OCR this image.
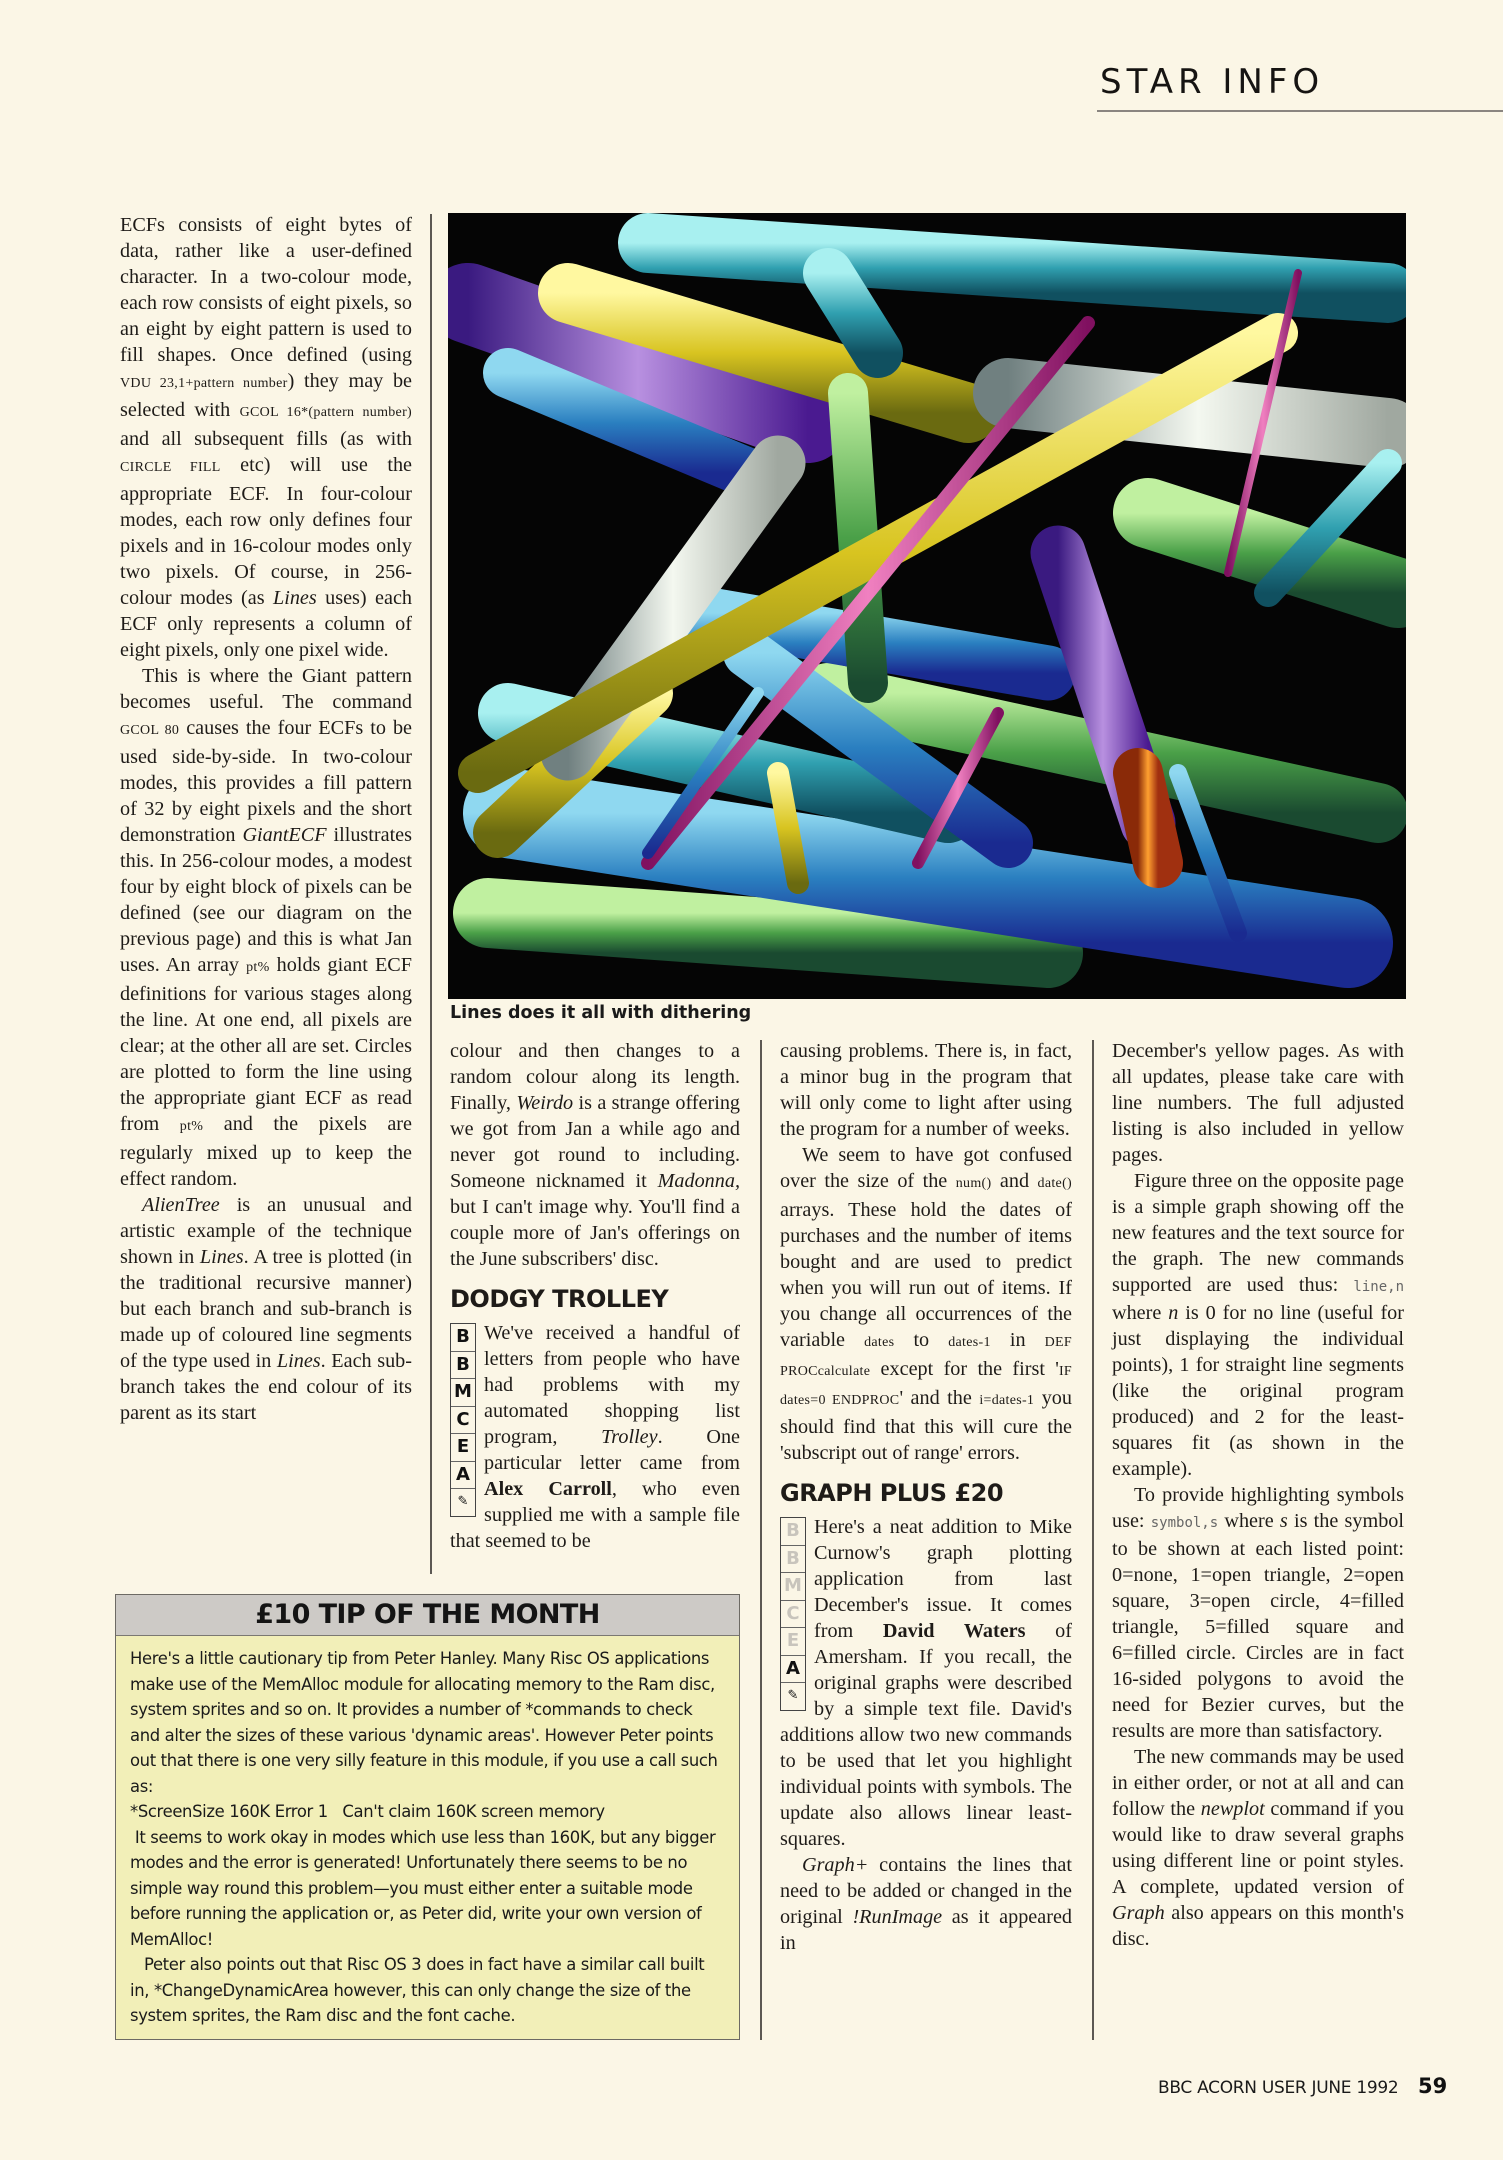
STAR INFO
Lines does it all with dithering

ECFs consists of eight bytes of data, rather like a user-defined character. In a two-colour mode, each row consists of eight pixels, so an eight by eight pattern is used to fill shapes. Once defined (using VDU 23,1+pattern number) they may be selected with GCOL 16*(pattern number) and all subsequent fills (as with CIRCLE FILL etc) will use the appropriate ECF. In four-colour modes, each row only defines four pixels and in 16-colour modes only two pixels. Of course, in 256-colour modes (as Lines uses) each ECF only represents a column of eight pixels, only one pixel wide.

This is where the Giant pattern becomes useful. The command GCOL 80 causes the four ECFs to be used side-by-side. In two-colour modes, this provides a fill pattern of 32 by eight pixels and the short demonstration GiantECF illustrates this. In 256-colour modes, a modest four by eight block of pixels can be defined (see our diagram on the previous page) and this is what Jan uses. An array pt% holds giant ECF definitions for various stages along the line. At one end, all pixels are clear; at the other all are set. Circles are plotted to form the line using the appropriate giant ECF as read from pt% and the pixels are regularly mixed up to keep the effect random.

AlienTree is an unusual and artistic example of the technique shown in Lines. A tree is plotted (in the traditional recursive manner) but each branch and sub-branch is made up of coloured line segments of the type used in Lines. Each sub-branch takes the end colour of its parent as its start

colour and then changes to a random colour along its length. Finally, Weirdo is a strange offering we got from Jan a while ago and never got round to including. Someone nicknamed it Madonna, but I can't image why. You'll find a couple more of Jan's offerings on the June subscribers' disc.

DODGY TROLLEY
B
B
M
C
E
A
✎

We've received a handful of letters from people who have had problems with my automated shopping list program, Trolley. One particular letter came from Alex Carroll, who even supplied me with a sample file that seemed to be

causing problems. There is, in fact, a minor bug in the program that will only come to light after using the program for a number of weeks.

We seem to have got confused over the size of the num() and date() arrays. These hold the dates of purchases and the number of items bought and are used to predict when you will run out of items. If you change all occurrences of the variable dates to dates-1 in DEF PROCcalculate except for the first 'IF dates=0 ENDPROC' and the i=dates-1 you should find that this will cure the 'subscript out of range' errors.

GRAPH PLUS £20
B
B
M
C
E
A
✎

Here's a neat addition to Mike Curnow's graph plotting application from last December's issue. It comes from David Waters of Amersham. If you recall, the original graphs were described by a simple text file. David's additions allow two new commands to be used that let you highlight individual points with symbols. The update also allows linear least-squares.

Graph+ contains the lines that need to be added or changed in the original !RunImage as it appeared in

December's yellow pages. As with all updates, please take care with line numbers. The full adjusted listing is also included in yellow pages.

Figure three on the opposite page is a simple graph showing off the new features and the text source for the graph. The new commands supported are used thus: line,n where n is 0 for no line (useful for just displaying the individual points), 1 for straight line segments (like the original program produced) and 2 for the least-squares fit (as shown in the example).

To provide highlighting symbols use: symbol,s where s is the symbol to be shown at each listed point: 0=none, 1=open triangle, 2=open square, 3=open circle, 4=filled triangle, 5=filled square and 6=filled circle. Circles are in fact 16-sided polygons to avoid the need for Bezier curves, but the results are more than satisfactory.

The new commands may be used in either order, or not at all and can follow the newplot command if you would like to draw several graphs using different line or point styles. A complete, updated version of Graph also appears on this month's disc.

£10 TIP OF THE MONTH

Here's a little cautionary tip from Peter Hanley. Many Risc OS applications make use of the MemAlloc module for allocating memory to the Ram disc, system sprites and so on. It provides a number of *commands to check and alter the sizes of these various 'dynamic areas'. However Peter points out that there is one very silly feature in this module, if you use a call such as:

*ScreenSize 160K Error 1   Can't claim 160K screen memory

It seems to work okay in modes which use less than 160K, but any bigger modes and the error is generated! Unfortunately there seems to be no simple way round this problem—you must either enter a suitable mode before running the application or, as Peter did, write your own version of MemAlloc!

Peter also points out that Risc OS 3 does in fact have a similar call built in, *ChangeDynamicArea however, this can only change the size of the system sprites, the Ram disc and the font cache.

BBC ACORN USER JUNE 1992 59
